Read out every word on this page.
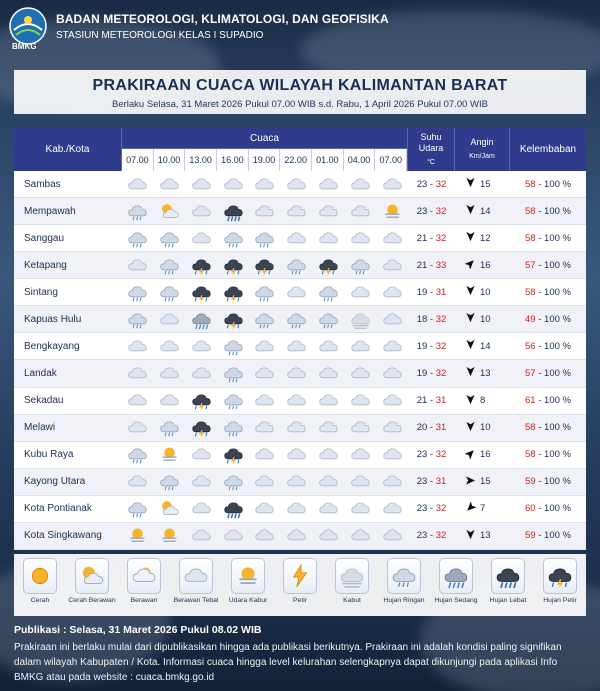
BADAN METEOROLOGI, KLIMATOLOGI, DAN GEOFISIKA
STASIUN METEOROLOGI KELAS I SUPADIO
BMKG
PRAKIRAAN CUACA WILAYAH KALIMANTAN BARAT
Berlaku Selasa, 31 Maret 2026 Pukul 07.00 WIB s.d. Rabu, 1 April 2026 Pukul 07.00 WIB
Kab./Kota
Cuaca
07.00	10.00	13.00	16.00	19.00	22.00	01.00	04.00	07.00
Suhu Udara
°C
Angin
Km/Jam
Kelembaban
Sambas	23 - 32	15	58 - 100 %
Mempawah	23 - 32	14	58 - 100 %
Sanggau	21 - 32	12	58 - 100 %
Ketapang	21 - 33	16	57 - 100 %
Sintang	19 - 31	10	58 - 100 %
Kapuas Hulu	18 - 32	10	49 - 100 %
Bengkayang	19 - 32	14	56 - 100 %
Landak	19 - 32	13	57 - 100 %
Sekadau	21 - 31	8	61 - 100 %
Melawi	20 - 31	10	58 - 100 %
Kubu Raya	23 - 32	16	58 - 100 %
Kayong Utara	23 - 31	15	59 - 100 %
Kota Pontianak	23 - 32	7	60 - 100 %
Kota Singkawang	23 - 32	13	59 - 100 %
Cerah	Cerah Berawan Berawan Berawan Tebal Udara Kabur	Petir	Kabut	Hujan Ringan Hujan Sedang Hujan Lebat Hujan Petir
Publikasi : Selasa, 31 Maret 2026 Pukul 08.02 WIB
Prakiraan ini berlaku mulai dari dipublikasikan hingga ada publikasi berikutnya. Prakiraan ini adalah kondisi paling signifikan dalam wilayah Kabupaten / Kota. Informasi cuaca hingga level kelurahan selengkapnya dapat dikunjungi pada aplikasi Info BMKG atau pada website : cuaca.bmkg.go.id
